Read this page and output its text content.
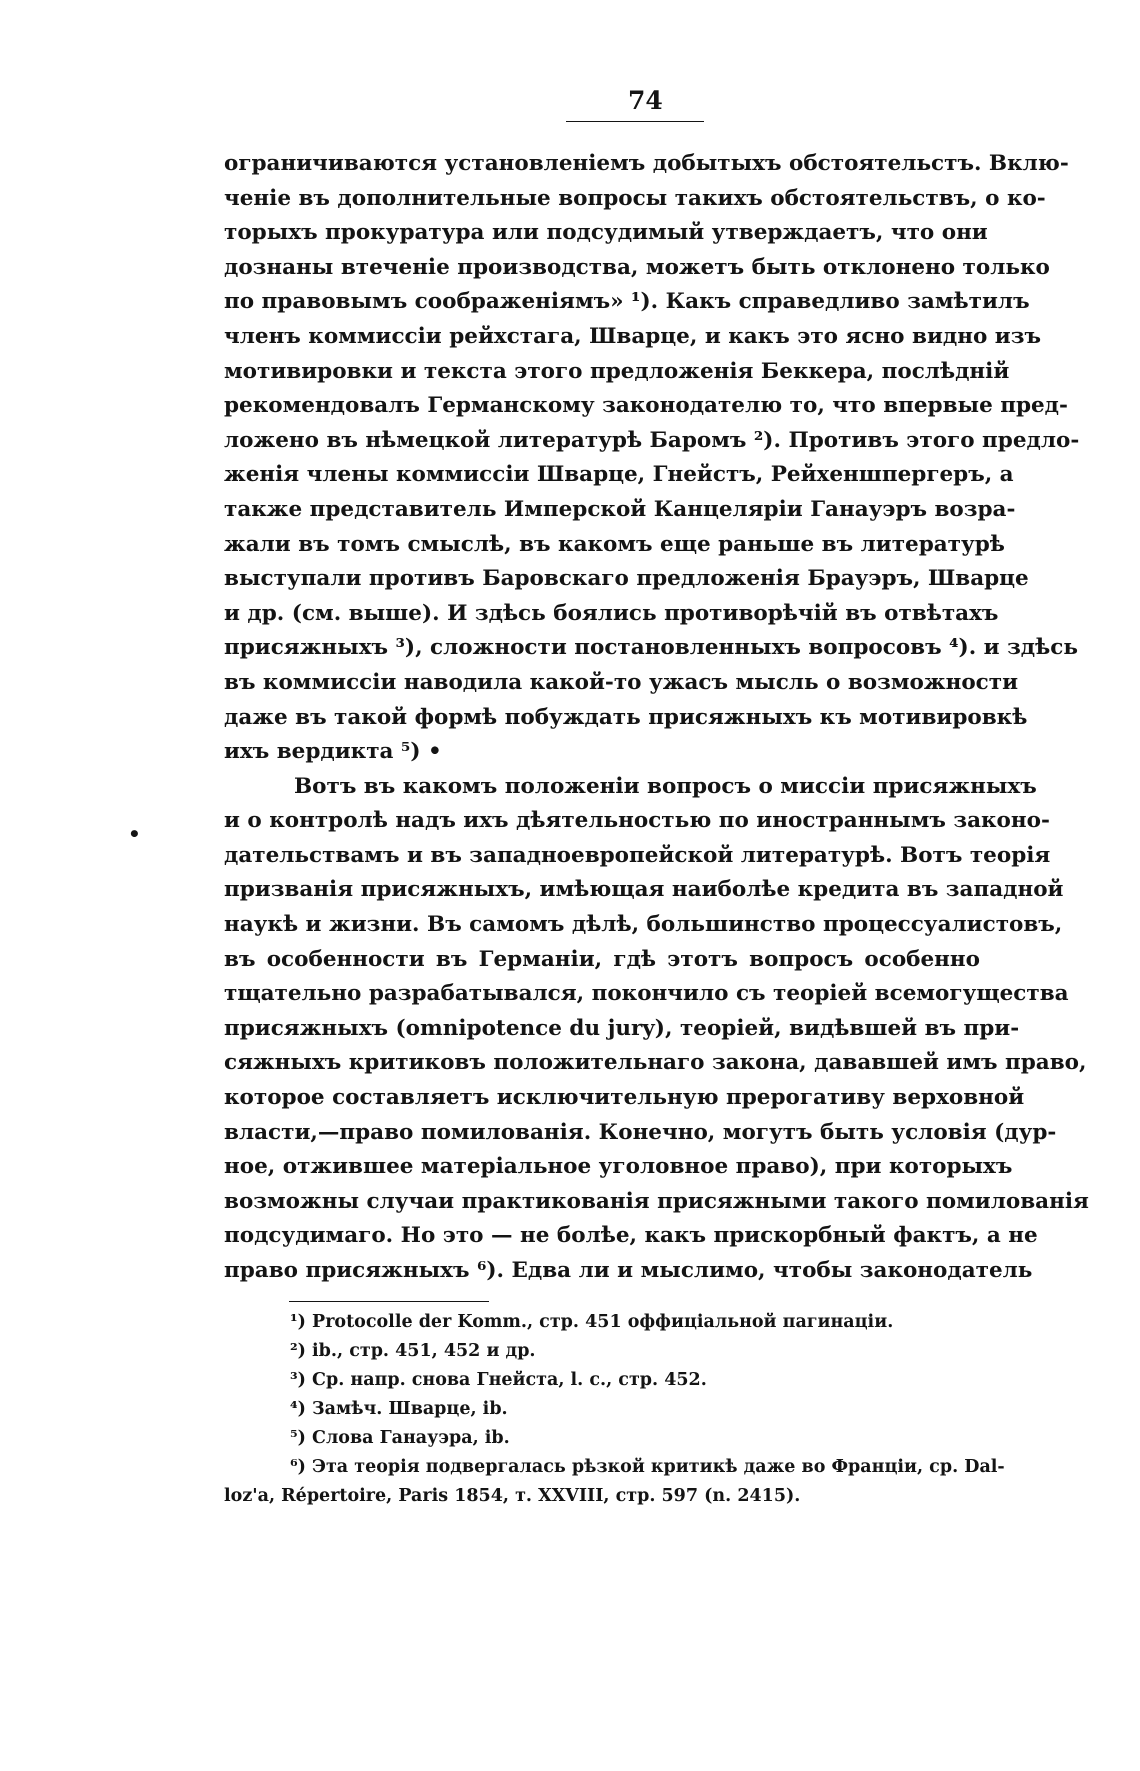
74
•
ограничиваются установленіемъ добытыхъ обстоятельстъ. Вклю-
ченіе въ дополнительные вопросы такихъ обстоятельствъ, о ко-
торыхъ прокуратура или подсудимый утверждаетъ, что они
дознаны втеченіе производства, можетъ быть отклонено только
по правовымъ соображеніямъ» ¹). Какъ справедливо замѣтилъ
членъ коммиссіи рейхстага, Шварце, и какъ это ясно видно изъ
мотивировки и текста этого предложенія Беккера, послѣдній
рекомендовалъ Германскому законодателю то, что впервые пред-
ложено въ нѣмецкой литературѣ Баромъ ²). Противъ этого предло-
женія члены коммиссіи Шварце, Гнейстъ, Рейхеншпергеръ, а
также представитель Имперской Канцеляріи Ганауэръ возра-
жали въ томъ смыслѣ, въ какомъ еще раньше въ литературѣ
выступали противъ Баровскаго предложенія Брауэръ, Шварце
и др. (см. выше). И здѣсь боялись противорѣчій въ отвѣтахъ
присяжныхъ ³), сложности постановленныхъ вопросовъ ⁴). и здѣсь
въ коммиссіи наводила какой-то ужасъ мысль о возможности
даже въ такой формѣ побуждать присяжныхъ къ мотивировкѣ
ихъ вердикта ⁵) •
Вотъ въ какомъ положеніи вопросъ о миссіи присяжныхъ
и о контролѣ надъ ихъ дѣятельностью по иностраннымъ законо-
дательствамъ и въ западноевропейской литературѣ. Вотъ теорія
призванія присяжныхъ, имѣющая наиболѣе кредита въ западной
наукѣ и жизни. Въ самомъ дѣлѣ, большинство процессуалистовъ,
въ особенности въ Германіи, гдѣ этотъ вопросъ особенно
тщательно разрабатывался, покончило съ теоріей всемогущества
присяжныхъ (omnipotence du jury), теоріей, видѣвшей въ при-
сяжныхъ критиковъ положительнаго закона, дававшей имъ право,
которое составляетъ исключительную прерогативу верховной
власти,—право помилованія. Конечно, могутъ быть условія (дур-
ное, отжившее матеріальное уголовное право), при которыхъ
возможны случаи практикованія присяжными такого помилованія
подсудимаго. Но это — не болѣе, какъ прискорбный фактъ, а не
право присяжныхъ ⁶). Едва ли и мыслимо, чтобы законодатель
¹) Protocolle der Komm., стр. 451 оффиціальной пагинаціи.
²) ib., стр. 451, 452 и др.
³) Ср. напр. снова Гнейста, l. c., стр. 452.
⁴) Замѣч. Шварце, ib.
⁵) Слова Ганауэра, ib.
⁶) Эта теорія подвергалась рѣзкой критикѣ даже во Франціи, ср. Dal-
loz'a, Répertoire, Paris 1854, т. XXVIII, стр. 597 (n. 2415).
